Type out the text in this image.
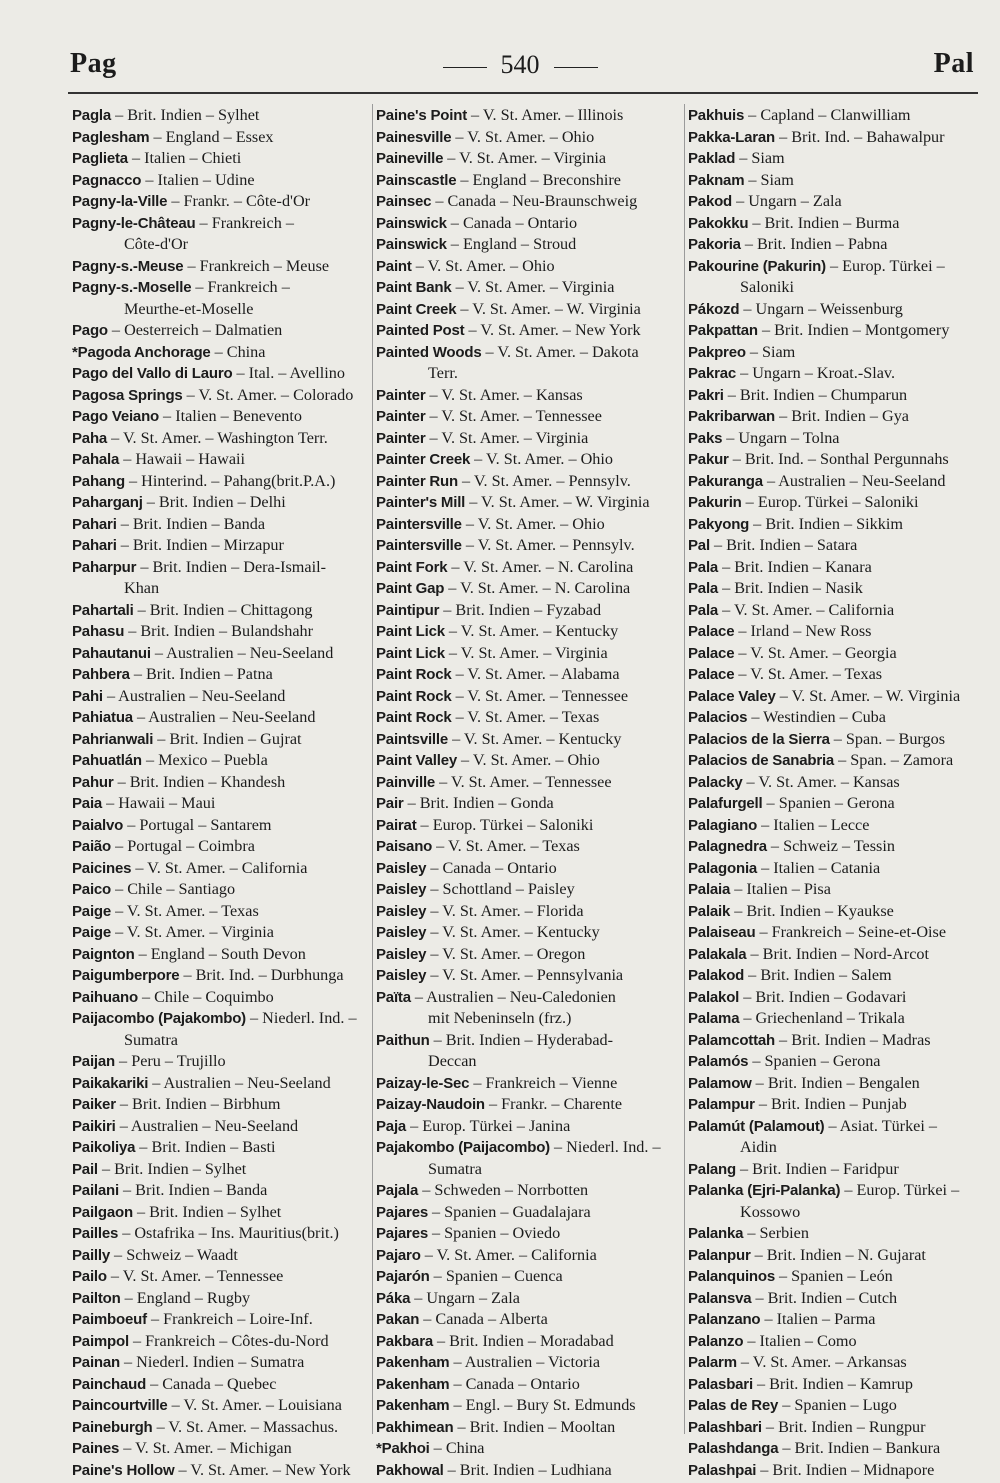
Pag	540	Pal
Pagla – Brit. Indien – Sylhet
Paglesham – England – Essex
Paglieta – Italien – Chieti
Pagnacco – Italien – Udine
Pagny-la-Ville – Frankr. – Côte-d'Or
Pagny-le-Château – Frankreich –
Côte-d'Or
Pagny-s.-Meuse – Frankreich – Meuse
Pagny-s.-Moselle – Frankreich –
Meurthe-et-Moselle
Pago – Oesterreich – Dalmatien
*Pagoda Anchorage – China
Pago del Vallo di Lauro – Ital. – Avellino
Pagosa Springs – V. St. Amer. – Colorado
Pago Veiano – Italien – Benevento
Paha – V. St. Amer. – Washington Terr.
Pahala – Hawaii – Hawaii
Pahang – Hinterind. – Pahang(brit.P.A.)
Paharganj – Brit. Indien – Delhi
Pahari – Brit. Indien – Banda
Pahari – Brit. Indien – Mirzapur
Paharpur – Brit. Indien – Dera-Ismail-
Khan
Pahartali – Brit. Indien – Chittagong
Pahasu – Brit. Indien – Bulandshahr
Pahautanui – Australien – Neu-Seeland
Pahbera – Brit. Indien – Patna
Pahi – Australien – Neu-Seeland
Pahiatua – Australien – Neu-Seeland
Pahrianwali – Brit. Indien – Gujrat
Pahuatlán – Mexico – Puebla
Pahur – Brit. Indien – Khandesh
Paia – Hawaii – Maui
Paialvo – Portugal – Santarem
Paião – Portugal – Coimbra
Paicines – V. St. Amer. – California
Paico – Chile – Santiago
Paige – V. St. Amer. – Texas
Paige – V. St. Amer. – Virginia
Paignton – England – South Devon
Paigumberpore – Brit. Ind. – Durbhunga
Paihuano – Chile – Coquimbo
Paijacombo (Pajakombo) – Niederl. Ind. –
Sumatra
Paijan – Peru – Trujillo
Paikakariki – Australien – Neu-Seeland
Paiker – Brit. Indien – Birbhum
Paikiri – Australien – Neu-Seeland
Paikoliya – Brit. Indien – Basti
Pail – Brit. Indien – Sylhet
Pailani – Brit. Indien – Banda
Pailgaon – Brit. Indien – Sylhet
Pailles – Ostafrika – Ins. Mauritius(brit.)
Pailly – Schweiz – Waadt
Pailo – V. St. Amer. – Tennessee
Pailton – England – Rugby
Paimboeuf – Frankreich – Loire-Inf.
Paimpol – Frankreich – Côtes-du-Nord
Painan – Niederl. Indien – Sumatra
Painchaud – Canada – Quebec
Paincourtville – V. St. Amer. – Louisiana
Paineburgh – V. St. Amer. – Massachus.
Paines – V. St. Amer. – Michigan
Paine's Hollow – V. St. Amer. – New York
Paine's Point – V. St. Amer. – Illinois
Painesville – V. St. Amer. – Ohio
Paineville – V. St. Amer. – Virginia
Painscastle – England – Breconshire
Painsec – Canada – Neu-Braunschweig
Painswick – Canada – Ontario
Painswick – England – Stroud
Paint – V. St. Amer. – Ohio
Paint Bank – V. St. Amer. – Virginia
Paint Creek – V. St. Amer. – W. Virginia
Painted Post – V. St. Amer. – New York
Painted Woods – V. St. Amer. – Dakota
Terr.
Painter – V. St. Amer. – Kansas
Painter – V. St. Amer. – Tennessee
Painter – V. St. Amer. – Virginia
Painter Creek – V. St. Amer. – Ohio
Painter Run – V. St. Amer. – Pennsylv.
Painter's Mill – V. St. Amer. – W. Virginia
Paintersville – V. St. Amer. – Ohio
Paintersville – V. St. Amer. – Pennsylv.
Paint Fork – V. St. Amer. – N. Carolina
Paint Gap – V. St. Amer. – N. Carolina
Paintipur – Brit. Indien – Fyzabad
Paint Lick – V. St. Amer. – Kentucky
Paint Lick – V. St. Amer. – Virginia
Paint Rock – V. St. Amer. – Alabama
Paint Rock – V. St. Amer. – Tennessee
Paint Rock – V. St. Amer. – Texas
Paintsville – V. St. Amer. – Kentucky
Paint Valley – V. St. Amer. – Ohio
Painville – V. St. Amer. – Tennessee
Pair – Brit. Indien – Gonda
Pairat – Europ. Türkei – Saloniki
Paisano – V. St. Amer. – Texas
Paisley – Canada – Ontario
Paisley – Schottland – Paisley
Paisley – V. St. Amer. – Florida
Paisley – V. St. Amer. – Kentucky
Paisley – V. St. Amer. – Oregon
Paisley – V. St. Amer. – Pennsylvania
Païta – Australien – Neu-Caledonien
mit Nebeninseln (frz.)
Paithun – Brit. Indien – Hyderabad-
Deccan
Paizay-le-Sec – Frankreich – Vienne
Paizay-Naudoin – Frankr. – Charente
Paja – Europ. Türkei – Janina
Pajakombo (Paijacombo) – Niederl. Ind. –
Sumatra
Pajala – Schweden – Norrbotten
Pajares – Spanien – Guadalajara
Pajares – Spanien – Oviedo
Pajaro – V. St. Amer. – California
Pajarón – Spanien – Cuenca
Páka – Ungarn – Zala
Pakan – Canada – Alberta
Pakbara – Brit. Indien – Moradabad
Pakenham – Australien – Victoria
Pakenham – Canada – Ontario
Pakenham – Engl. – Bury St. Edmunds
Pakhimean – Brit. Indien – Mooltan
*Pakhoi – China
Pakhowal – Brit. Indien – Ludhiana
Pakhuis – Capland – Clanwilliam
Pakka-Laran – Brit. Ind. – Bahawalpur
Paklad – Siam
Paknam – Siam
Pakod – Ungarn – Zala
Pakokku – Brit. Indien – Burma
Pakoria – Brit. Indien – Pabna
Pakourine (Pakurin) – Europ. Türkei –
Saloniki
Pákozd – Ungarn – Weissenburg
Pakpattan – Brit. Indien – Montgomery
Pakpreo – Siam
Pakrac – Ungarn – Kroat.-Slav.
Pakri – Brit. Indien – Chumparun
Pakribarwan – Brit. Indien – Gya
Paks – Ungarn – Tolna
Pakur – Brit. Ind. – Sonthal Pergunnahs
Pakuranga – Australien – Neu-Seeland
Pakurin – Europ. Türkei – Saloniki
Pakyong – Brit. Indien – Sikkim
Pal – Brit. Indien – Satara
Pala – Brit. Indien – Kanara
Pala – Brit. Indien – Nasik
Pala – V. St. Amer. – California
Palace – Irland – New Ross
Palace – V. St. Amer. – Georgia
Palace – V. St. Amer. – Texas
Palace Valey – V. St. Amer. – W. Virginia
Palacios – Westindien – Cuba
Palacios de la Sierra – Span. – Burgos
Palacios de Sanabria – Span. – Zamora
Palacky – V. St. Amer. – Kansas
Palafurgell – Spanien – Gerona
Palagiano – Italien – Lecce
Palagnedra – Schweiz – Tessin
Palagonia – Italien – Catania
Palaia – Italien – Pisa
Palaik – Brit. Indien – Kyaukse
Palaiseau – Frankreich – Seine-et-Oise
Palakala – Brit. Indien – Nord-Arcot
Palakod – Brit. Indien – Salem
Palakol – Brit. Indien – Godavari
Palama – Griechenland – Trikala
Palamcottah – Brit. Indien – Madras
Palamós – Spanien – Gerona
Palamow – Brit. Indien – Bengalen
Palampur – Brit. Indien – Punjab
Palamút (Palamout) – Asiat. Türkei –
Aidin
Palang – Brit. Indien – Faridpur
Palanka (Ejri-Palanka) – Europ. Türkei –
Kossowo
Palanka – Serbien
Palanpur – Brit. Indien – N. Gujarat
Palanquinos – Spanien – León
Palansva – Brit. Indien – Cutch
Palanzano – Italien – Parma
Palanzo – Italien – Como
Palarm – V. St. Amer. – Arkansas
Palasbari – Brit. Indien – Kamrup
Palas de Rey – Spanien – Lugo
Palashbari – Brit. Indien – Rungpur
Palashdanga – Brit. Indien – Bankura
Palashpai – Brit. Indien – Midnapore
